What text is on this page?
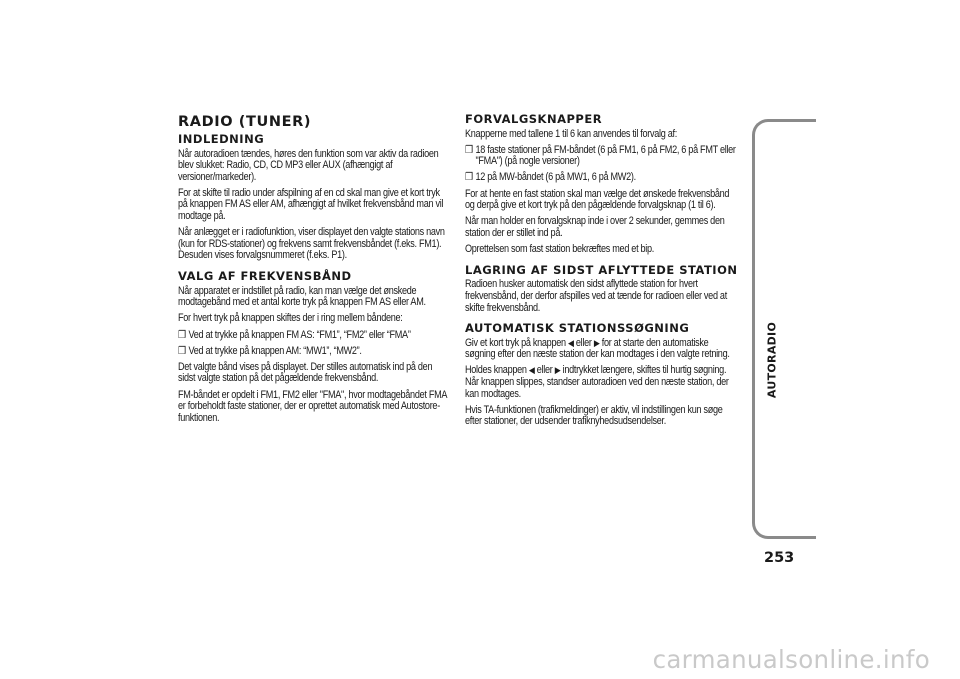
RADIO (TUNER)
INDLEDNING
Når autoradioen tændes, høres den funktion som var aktiv da radioen blev slukket: Radio, CD, CD MP3 eller AUX (afhængigt af versioner/markeder).
For at skifte til radio under afspilning af en cd skal man give et kort tryk på knappen FM AS eller AM, afhængigt af hvilket frekvensbånd man vil modtage på.
Når anlægget er i radiofunktion, viser displayet den valgte stations navn (kun for RDS-stationer) og frekvens samt frekvensbåndet (f.eks. FM1). Desuden vises forvalgsnummeret (f.eks. P1).
VALG AF FREKVENSBÅND
Når apparatet er indstillet på radio, kan man vælge det ønskede modtagebånd med et antal korte tryk på knappen FM AS eller AM.
For hvert tryk på knappen skiftes der i ring mellem båndene:
❒ Ved at trykke på knappen FM AS: “FM1”, “FM2” eller “FMA”
❒ Ved at trykke på knappen AM: “MW1”, “MW2”.
Det valgte bånd vises på displayet. Der stilles automatisk ind på den sidst valgte station på det pågældende frekvensbånd.
FM-båndet er opdelt i FM1, FM2 eller "FMA", hvor modtagebåndet FMA er forbeholdt faste stationer, der er oprettet automatisk med Autostore-funktionen.
FORVALGSKNAPPER
Knapperne med tallene 1 til 6 kan anvendes til forvalg af:
❒ 18 faste stationer på FM-båndet (6 på FM1, 6 på FM2, 6 på FMT eller "FMA") (på nogle versioner)
❒ 12 på MW-båndet (6 på MW1, 6 på MW2).
For at hente en fast station skal man vælge det ønskede frekvensbånd og derpå give et kort tryk på den pågældende forvalgsknap (1 til 6).
Når man holder en forvalgsknap inde i over 2 sekunder, gemmes den station der er stillet ind på.
Oprettelsen som fast station bekræftes med et bip.
LAGRING AF SIDST AFLYTTEDE STATION
Radioen husker automatisk den sidst aflyttede station for hvert frekvensbånd, der derfor afspilles ved at tænde for radioen eller ved at skifte frekvensbånd.
AUTOMATISK STATIONSSØGNING
Giv et kort tryk på knappen ◀ eller ▶ for at starte den automatiske søgning efter den næste station der kan modtages i den valgte retning.
Holdes knappen ◀ eller ▶ indtrykket længere, skiftes til hurtig søgning. Når knappen slippes, standser autoradioen ved den næste station, der kan modtages.
Hvis TA-funktionen (trafikmeldinger) er aktiv, vil indstillingen kun søge efter stationer, der udsender trafiknyhedsudsendelser.
AUTORADIO
253
carmanualsonline.info
